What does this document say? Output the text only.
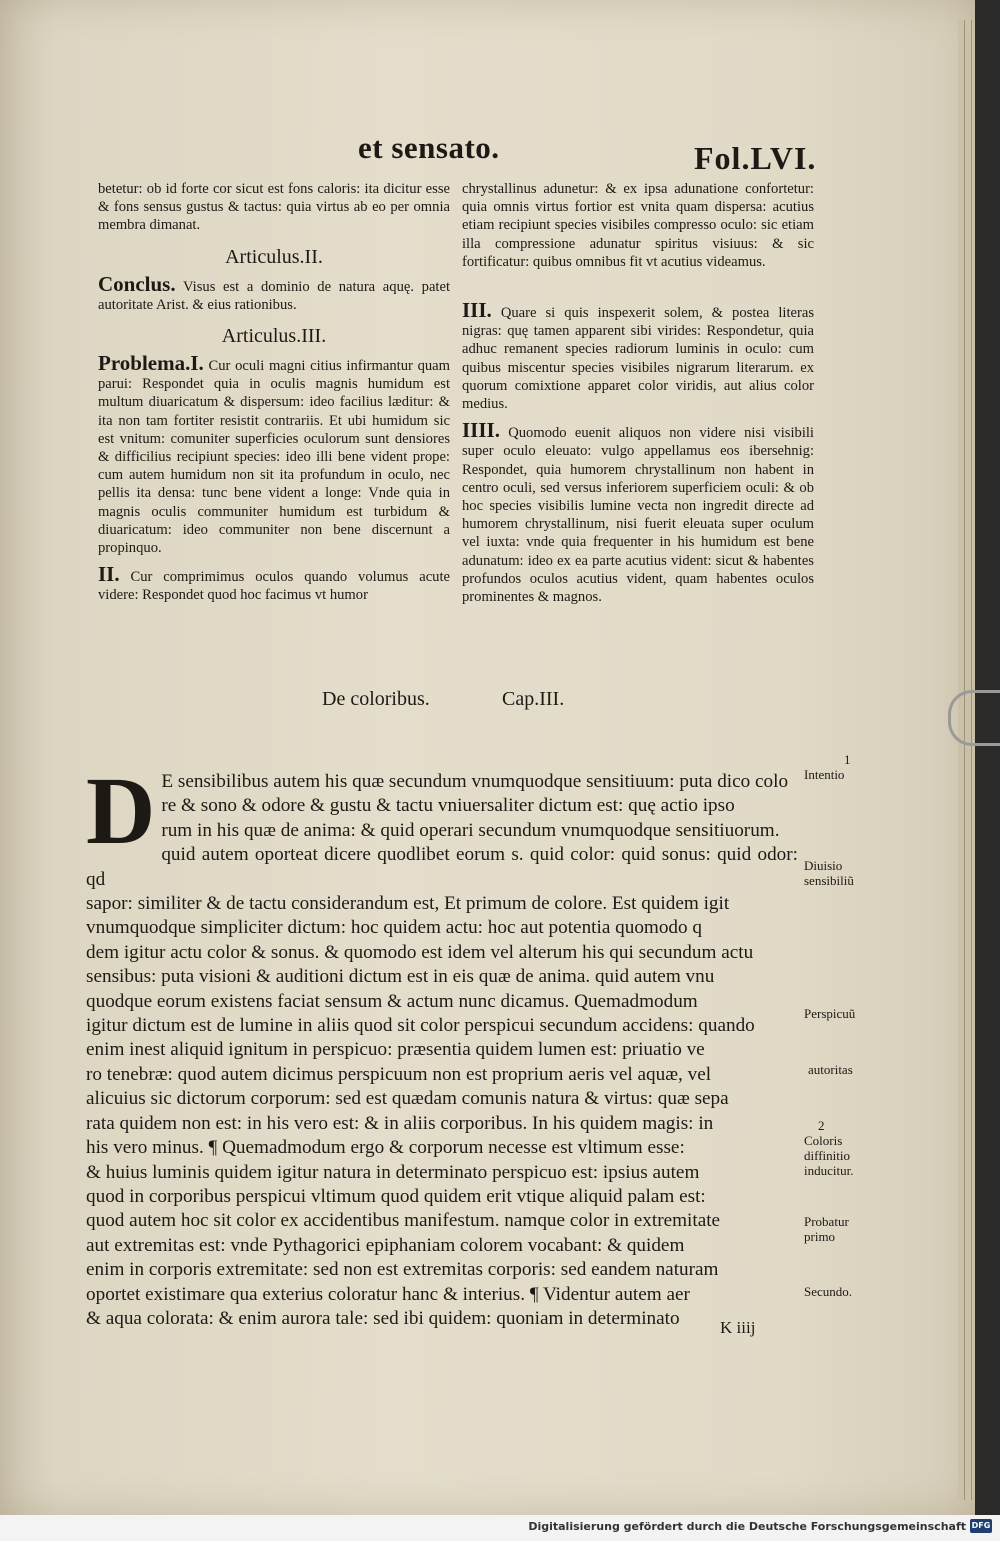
et sensato.	Fol.LVI.

betetur: ob id forte cor sicut est fons caloris: ita dicitur esse & fons sensus gustus & tactus: quia virtus ab eo per omnia membra dimanat.

Articulus.II.

Conclus. Visus est a dominio de natura aquę. patet autoritate Arist. & eius rationibus.

Articulus.III.

Problema.I. Cur oculi magni citius infirmantur quam parui: Respondet quia in oculis magnis humidum est multum diuaricatum & dispersum: ideo facilius læditur: & ita non tam fortiter resistit contrariis. Et ubi humidum sic est vnitum: comuniter superficies oculorum sunt densiores & difficilius recipiunt species: ideo illi bene vident prope: cum autem humidum non sit ita profundum in oculo, nec pellis ita densa: tunc bene vident a longe: Vnde quia in magnis oculis communiter humidum est turbidum & diuaricatum: ideo communiter non bene discernunt a propinquo.

II. Cur comprimimus oculos quando volumus acute videre: Respondet quod hoc facimus vt humor

chrystallinus adunetur: & ex ipsa adunatione confortetur: quia omnis virtus fortior est vnita quam dispersa: acutius etiam recipiunt species visibiles compresso oculo: sic etiam illa compressione adunatur spiritus visiuus: & sic fortificatur: quibus omnibus fit vt acutius videamus.

III. Quare si quis inspexerit solem, & postea literas nigras: quę tamen apparent sibi virides: Respondetur, quia adhuc remanent species radiorum luminis in oculo: cum quibus miscentur species visibiles nigrarum literarum. ex quorum comixtione apparet color viridis, aut alius color medius.

IIII. Quomodo euenit aliquos non videre nisi visibili super oculo eleuato: vulgo appellamus eos ibersehnig: Respondet, quia humorem chrystallinum non habent in centro oculi, sed versus inferiorem superficiem oculi: & ob hoc species visibilis lumine vecta non ingredit directe ad humorem chrystallinum, nisi fuerit eleuata super oculum vel iuxta: vnde quia frequenter in his humidum est bene adunatum: ideo ex ea parte acutius vident: sicut & habentes profundos oculos acutius vident, quam habentes oculos prominentes & magnos.

De coloribus.	Cap.III.
D E sensibilibus autem his quæ secundum vnumquodque sensitiuum: puta dico colo

re & sono & odore & gustu & tactu vniuersaliter dictum est: quę actio ipso

rum in his quæ de anima: & quid operari secundum vnumquodque sensitiuorum.

quid autem oporteat dicere quodlibet eorum s. quid color: quid sonus: quid odor: qd

sapor: similiter & de tactu considerandum est, Et primum de colore. Est quidem igit

vnumquodque simpliciter dictum: hoc quidem actu: hoc aut potentia quomodo q

dem igitur actu color & sonus. & quomodo est idem vel alterum his qui secundum actu

sensibus: puta visioni & auditioni dictum est in eis quæ de anima. quid autem vnu

quodque eorum existens faciat sensum & actum nunc dicamus. Quemadmodum

igitur dictum est de lumine in aliis quod sit color perspicui secundum accidens: quando

enim inest aliquid ignitum in perspicuo: præsentia quidem lumen est: priuatio ve

ro tenebræ: quod autem dicimus perspicuum non est proprium aeris vel aquæ, vel

alicuius sic dictorum corporum: sed est quædam comunis natura & virtus: quæ sepa

rata quidem non est: in his vero est: & in aliis corporibus. In his quidem magis: in

his vero minus. ¶ Quemadmodum ergo & corporum necesse est vltimum esse:

& huius luminis quidem igitur natura in determinato perspicuo est: ipsius autem

quod in corporibus perspicui vltimum quod quidem erit vtique aliquid palam est:

quod autem hoc sit color ex accidentibus manifestum. namque color in extremitate

aut extremitas est: vnde Pythagorici epiphaniam colorem vocabant: & quidem

enim in corporis extremitate: sed non est extremitas corporis: sed eandem naturam

oportet existimare qua exterius coloratur hanc & interius. ¶ Videntur autem aer

& aqua colorata: & enim aurora tale: sed ibi quidem: quoniam in determinato

1
Intentio
Diuisio sensibiliũ
Perspicuũ
autoritas
2
Coloris diffinitio inducitur.
Probatur primo
Secundo.
K iiij
Digitalisierung gefördert durch die Deutsche Forschungsgemeinschaft DFG
